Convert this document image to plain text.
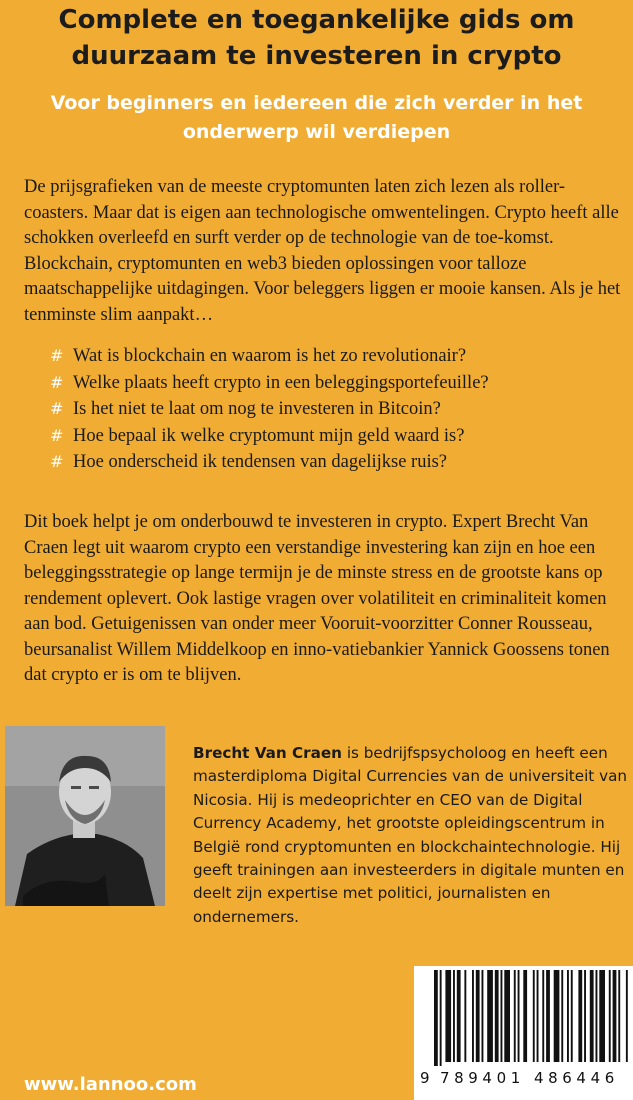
Complete en toegankelijke gids om duurzaam te investeren in crypto
Voor beginners en iedereen die zich verder in het onderwerp wil verdiepen

De prijsgrafieken van de meeste cryptomunten laten zich lezen als roller-coasters. Maar dat is eigen aan technologische omwentelingen. Crypto heeft alle schokken overleefd en surft verder op de technologie van de toe-komst. Blockchain, cryptomunten en web3 bieden oplossingen voor talloze maatschappelijke uitdagingen. Voor beleggers liggen er mooie kansen. Als je het tenminste slim aanpakt…

# Wat is blockchain en waarom is het zo revolutionair?
# Welke plaats heeft crypto in een beleggingsportefeuille?
# Is het niet te laat om nog te investeren in Bitcoin?
# Hoe bepaal ik welke cryptomunt mijn geld waard is?
# Hoe onderscheid ik tendensen van dagelijkse ruis?

Dit boek helpt je om onderbouwd te investeren in crypto. Expert Brecht Van Craen legt uit waarom crypto een verstandige investering kan zijn en hoe een beleggingsstrategie op lange termijn je de minste stress en de grootste kans op rendement oplevert. Ook lastige vragen over volatiliteit en criminaliteit komen aan bod. Getuigenissen van onder meer Vooruit-voorzitter Conner Rousseau, beursanalist Willem Middelkoop en inno-vatiebankier Yannick Goossens tonen dat crypto er is om te blijven.

Brecht Van Craen is bedrijfspsycholoog en heeft een masterdiploma Digital Currencies van de universiteit van Nicosia. Hij is medeoprichter en CEO van de Digital Currency Academy, het grootste opleidingscentrum in België rond cryptomunten en blockchaintechnologie. Hij geeft trainingen aan investeerders in digitale munten en deelt zijn expertise met politici, journalisten en ondernemers.

9 789401 486446

www.lannoo.com
